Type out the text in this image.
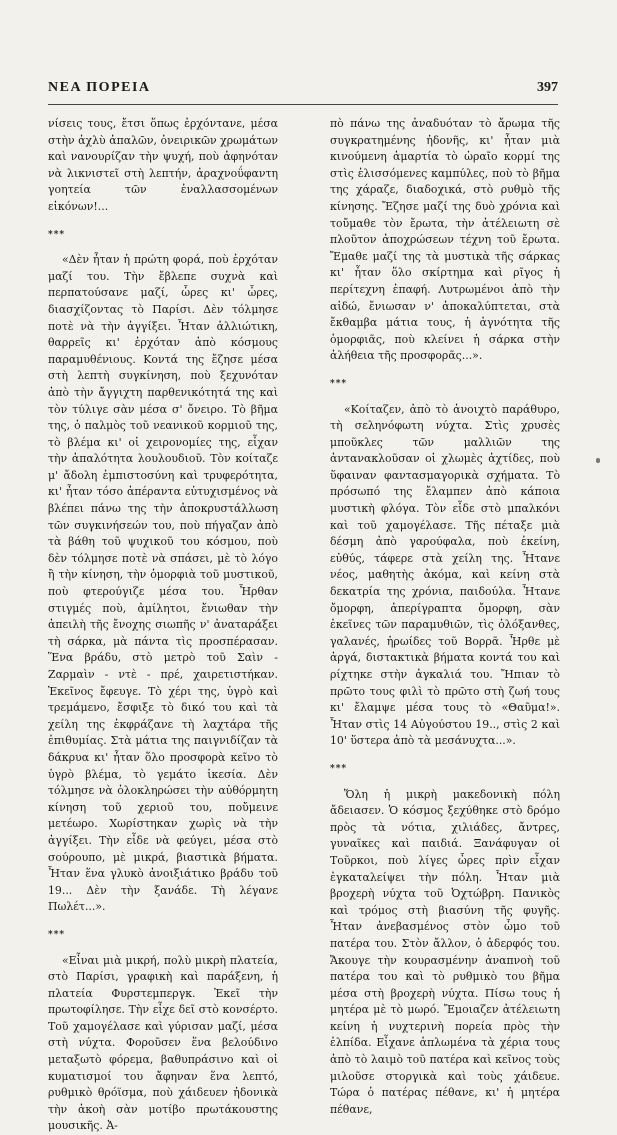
ΝΕΑ ΠΟΡΕΙΑ	397

νίσεις τους, ἔτσι ὅπως ἐρχόντανε, μέσα στὴν ἀχλὺ ἁπαλῶν, ὀνειρικῶν χρωμάτων καὶ νανουρίζαν τὴν ψυχή, ποὺ ἀφηνόταν νὰ λικνιστεῖ στὴ λεπτήν, ἀραχνοΰφαντη γοητεία τῶν ἐναλλασσομένων εἰκόνων!...

***

«Δὲν ἦταν ἡ πρώτη φορά, ποὺ ἐρχόταν μαζί του. Τὴν ἔβλεπε συχνὰ καὶ περπατούσανε μαζί, ὧρες κι' ὧρες, διασχίζοντας τὸ Παρίσι. Δὲν τόλμησε ποτὲ νὰ τὴν ἀγγίξει. Ἦταν ἀλλιώτικη, θαρρεῖς κι' ἐρχόταν ἀπὸ κόσμους παραμυθένιους. Κοντά της ἔζησε μέσα στὴ λεπτὴ συγκίνηση, ποὺ ξεχυνόταν ἀπὸ τὴν ἄγγιχτη παρθενικότητά της καὶ τὸν τύλιγε σὰν μέσα σ' ὄνειρο. Τὸ βῆμα της, ὁ παλμὸς τοῦ νεανικοῦ κορμιοῦ της, τὸ βλέμα κι' οἱ χειρονομίες της, εἶχαν τὴν ἁπαλότητα λουλουδιοῦ. Τὸν κοίταζε μ' ἄδολη ἐμπιστοσύνη καὶ τρυφερότητα, κι' ἦταν τόσο ἀπέραντα εὐτυχισμένος νὰ βλέπει πάνω της τὴν ἀποκρυστάλλωση τῶν συγκινήσεών του, ποὺ πήγαζαν ἀπὸ τὰ βάθη τοῦ ψυχικοῦ του κόσμου, ποὺ δὲν τόλμησε ποτὲ νὰ σπάσει, μὲ τὸ λόγο ἢ τὴν κίνηση, τὴν ὁμορφιὰ τοῦ μυστικοῦ, ποὺ φτερούγιζε μέσα του. Ἦρθαν στιγμές ποὺ, ἀμίλητοι, ἔνιωθαν τὴν ἀπειλὴ τῆς ἔνοχης σιωπῆς ν' ἀναταράξει τὴ σάρκα, μὰ πάντα τὶς προσπέρασαν. Ἕνα βράδυ, στὸ μετρὸ τοῦ Σαὶν - Ζαρμαὶν - ντὲ - πρέ, χαιρετιστήκαν. Ἐκεῖνος ἔφευγε. Τὸ χέρι της, ὑγρὸ καὶ τρεμάμενο, ἔσφιξε τὸ δικό του καὶ τὰ χείλη της ἐκφράζανε τὴ λαχτάρα τῆς ἐπιθυμίας. Στὰ μάτια της παιγνιδίζαν τὰ δάκρυα κι' ἦταν ὅλο προσφορὰ κεῖνο τὸ ὑγρὸ βλέμα, τὸ γεμάτο ἱκεσία. Δὲν τόλμησε νὰ ὁλοκληρώσει τὴν αὐθόρμητη κίνηση τοῦ χεριοῦ του, ποὔμεινε μετέωρο. Χωρίστηκαν χωρὶς νὰ τὴν ἀγγίξει. Τὴν εἶδε νὰ φεύγει, μέσα στὸ σούρουπο, μὲ μικρά, βιαστικὰ βήματα. Ἦταν ἕνα γλυκὸ ἀνοιξιάτικο βράδυ τοῦ 19... Δὲν τὴν ξανάδε. Τὴ λέγανε Πωλέτ...».

***

«Εἶναι μιὰ μικρή, πολὺ μικρὴ πλατεία, στὸ Παρίσι, γραφικὴ καὶ παράξενη, ἡ πλατεία Φυρστεμπεργκ. Ἐκεῖ τὴν πρωτοφίλησε. Τὴν εἶχε δεῖ στὸ κονσέρτο. Τοῦ χαμογέλασε καὶ γύρισαν μαζί, μέσα στὴ νύχτα. Φοροῦσεν ἕνα βελούδινο μεταξωτὸ φόρεμα, βαθυπράσινο καὶ οἱ κυματισμοί του ἄφηναν ἕνα λεπτό, ρυθμικὸ θρόϊσμα, ποὺ χάιδευεν ἠδονικὰ τὴν ἀκοὴ σὰν μοτίβο πρωτάκουστης μουσικῆς. Ἀ-

πὸ πάνω της ἀναδυόταν τὸ ἄρωμα τῆς συγκρατημένης ἡδονῆς, κι' ἦταν μιὰ κινούμενη ἁμαρτία τὸ ὡραῖο κορμί της στὶς ἑλισσόμενες καμπύλες, ποὺ τὸ βῆμα της χάραζε, διαδοχικά, στὸ ρυθμὸ τῆς κίνησης. Ἔζησε μαζί της δυὸ χρόνια καὶ τοὔμαθε τὸν ἔρωτα, τὴν ἀτέλειωτη σὲ πλοῦτον ἀποχρώσεων τέχνη τοῦ ἔρωτα. Ἔμαθε μαζί της τὰ μυστικὰ τῆς σάρκας κι' ἦταν ὅλο σκίρτημα καὶ ρῖγος ἡ περίτεχνη ἐπαφή. Λυτρωμένοι ἀπὸ τὴν αἰδώ, ἔνιωσαν ν' ἀποκαλύπτεται, στὰ ἔκθαμβα μάτια τους, ἡ ἀγνότητα τῆς ὁμορφιᾶς, ποὺ κλείνει ἡ σάρκα στὴν ἀλήθεια τῆς προσφορᾶς...».

***

«Κοίταζεν, ἀπὸ τὸ ἀνοιχτὸ παράθυρο, τὴ σεληνόφωτη νύχτα. Στὶς χρυσὲς μποῦκλες τῶν μαλλιῶν της ἀντανακλοῦσαν οἱ χλωμὲς ἀχτίδες, ποὺ ὕφαιναν φαντασμαγορικὰ σχήματα. Τὸ πρόσωπό της ἔλαμπεν ἀπὸ κάποια μυστικὴ φλόγα. Τὸν εἶδε στὸ μπαλκόνι καὶ τοῦ χαμογέλασε. Τῆς πέταξε μιὰ δέσμη ἀπὸ γαρούφαλα, ποὺ ἐκείνη, εὐθύς, τάφερε στὰ χείλη της. Ἦτανε νέος, μαθητὴς ἀκόμα, καὶ κείνη στὰ δεκατρία της χρόνια, παιδούλα. Ἦτανε ὄμορφη, ἀπερίγραπτα ὄμορφη, σὰν ἐκεῖνες τῶν παραμυθιῶν, τὶς ὀλόξανθες, γαλανές, ἡρωίδες τοῦ Βορρᾶ. Ἦρθε μὲ ἀργά, διστακτικὰ βήματα κοντά του καὶ ρίχτηκε στὴν ἀγκαλιά του. Ἤπιαν τὸ πρῶτο τους φιλὶ τὸ πρῶτο στὴ ζωή τους κι' ἔλαμψε μέσα τους τὸ «Θαῦμα!». Ἦταν στὶς 14 Αὐγούστου 19.., στὶς 2 καὶ 10' ὕστερα ἀπὸ τὰ μεσάνυχτα...».

***

Ὅλη ἡ μικρὴ μακεδονικὴ πόλη ἄδειασεν. Ὁ κόσμος ξεχύθηκε στὸ δρόμο πρὸς τὰ νότια, χιλιάδες, ἄντρες, γυναῖκες καὶ παιδιά. Ξανάφυγαν οἱ Τοῦρκοι, ποὺ λίγες ὧρες πρὶν εἶχαν ἐγκαταλείψει τὴν πόλη. Ἦταν μιὰ βροχερὴ νύχτα τοῦ Ὀχτώβρη. Πανικὸς καὶ τρόμος στὴ βιασύνη τῆς φυγῆς. Ἦταν ἀνεβασμένος στὸν ὦμο τοῦ πατέρα του. Στὸν ἄλλον, ὁ ἀδερφός του. Ἄκουγε τὴν κουρασμένην ἀναπνοὴ τοῦ πατέρα του καὶ τὸ ρυθμικὸ του βῆμα μέσα στὴ βροχερὴ νύχτα. Πίσω τους ἡ μητέρα μὲ τὸ μωρό. Ἔμοιαζεν ἀτέλειωτη κείνη ἡ νυχτερινὴ πορεία πρὸς τὴν ἐλπίδα. Εἶχανε ἁπλωμένα τὰ χέρια τους ἀπὸ τὸ λαιμὸ τοῦ πατέρα καὶ κεῖνος τοὺς μιλοῦσε στοργικὰ καὶ τοὺς χάιδευε. Τώρα ὁ πατέρας πέθανε, κι' ἡ μητέρα πέθανε,
